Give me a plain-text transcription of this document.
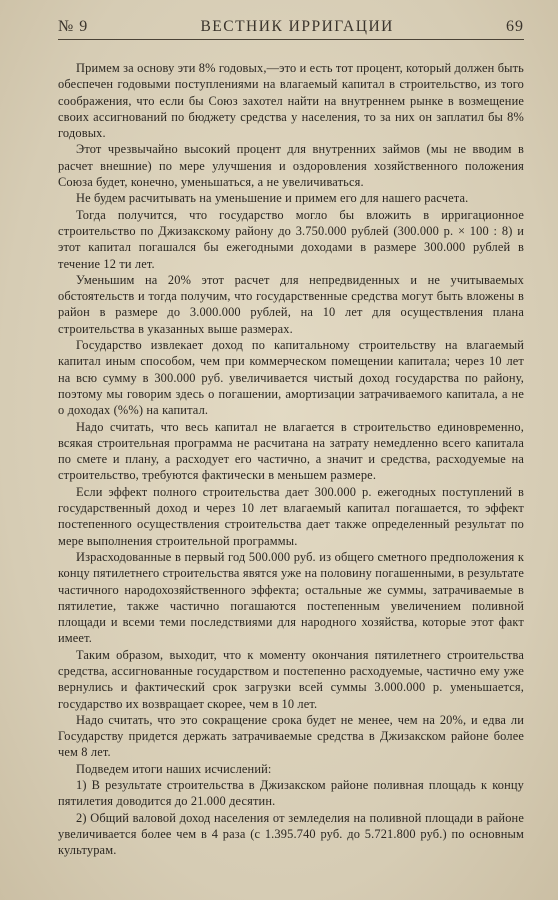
№ 9	ВЕСТНИК ИРРИГАЦИИ	69

Примем за основу эти 8% годовых,—это и есть тот процент, который должен быть обеспечен годовыми поступлениями на влагаемый капитал в строительство, из того соображения, что если бы Союз захотел найти на внутреннем рынке в возмещение своих ассигнований по бюджету средства у населения, то за них он заплатил бы 8% годовых.

Этот чрезвычайно высокий процент для внутренних займов (мы не вводим в расчет внешние) по мере улучшения и оздоровления хозяйственного положения Союза будет, конечно, уменьшаться, а не увеличиваться.

Не будем расчитывать на уменьшение и примем его для нашего расчета.

Тогда получится, что государство могло бы вложить в ирригационное строительство по Джизакскому району до 3.750.000 рублей (300.000 р. × 100 : 8) и этот капитал погашался бы ежегодными доходами в размере 300.000 рублей в течение 12 ти лет.

Уменьшим на 20% этот расчет для непредвиденных и не учитываемых обстоятельств и тогда получим, что государственные средства могут быть вложены в район в размере до 3.000.000 рублей, на 10 лет для осуществления плана строительства в указанных выше размерах.

Государство извлекает доход по капитальному строительству на влагаемый капитал иным способом, чем при коммерческом помещении капитала; через 10 лет на всю сумму в 300.000 руб. увеличивается чистый доход государства по району, поэтому мы говорим здесь о погашении, амортизации затрачиваемого капитала, а не о доходах (%%) на капитал.

Надо считать, что весь капитал не влагается в строительство единовременно, всякая строительная программа не расчитана на затрату немедленно всего капитала по смете и плану, а расходует его частично, а значит и средства, расходуемые на строительство, требуются фактически в меньшем размере.

Если эффект полного строительства дает 300.000 р. ежегодных поступлений в государственный доход и через 10 лет влагаемый капитал погашается, то эффект постепенного осуществления строительства дает также определенный результат по мере выполнения строительной программы.

Израсходованные в первый год 500.000 руб. из общего сметного предположения к концу пятилетнего строительства явятся уже на половину погашенными, в результате частичного народохозяйственного эффекта; остальные же суммы, затрачиваемые в пятилетие, также частично погашаются постепенным увеличением поливной площади и всеми теми последствиями для народного хозяйства, которые этот факт имеет.

Таким образом, выходит, что к моменту окончания пятилетнего строительства средства, ассигнованные государством и постепенно расходуемые, частично ему уже вернулись и фактический срок загрузки всей суммы 3.000.000 р. уменьшается, государство их возвращает скорее, чем в 10 лет.

Надо считать, что это сокращение срока будет не менее, чем на 20%, и едва ли Государству придется держать затрачиваемые средства в Джизакском районе более чем 8 лет.

Подведем итоги наших исчислений:

1) В результате строительства в Джизакском районе поливная площадь к концу пятилетия доводится до 21.000 десятин.

2) Общий валовой доход населения от земледелия на поливной площади в районе увеличивается более чем в 4 раза (с 1.395.740 руб. до 5.721.800 руб.) по основным культурам.
